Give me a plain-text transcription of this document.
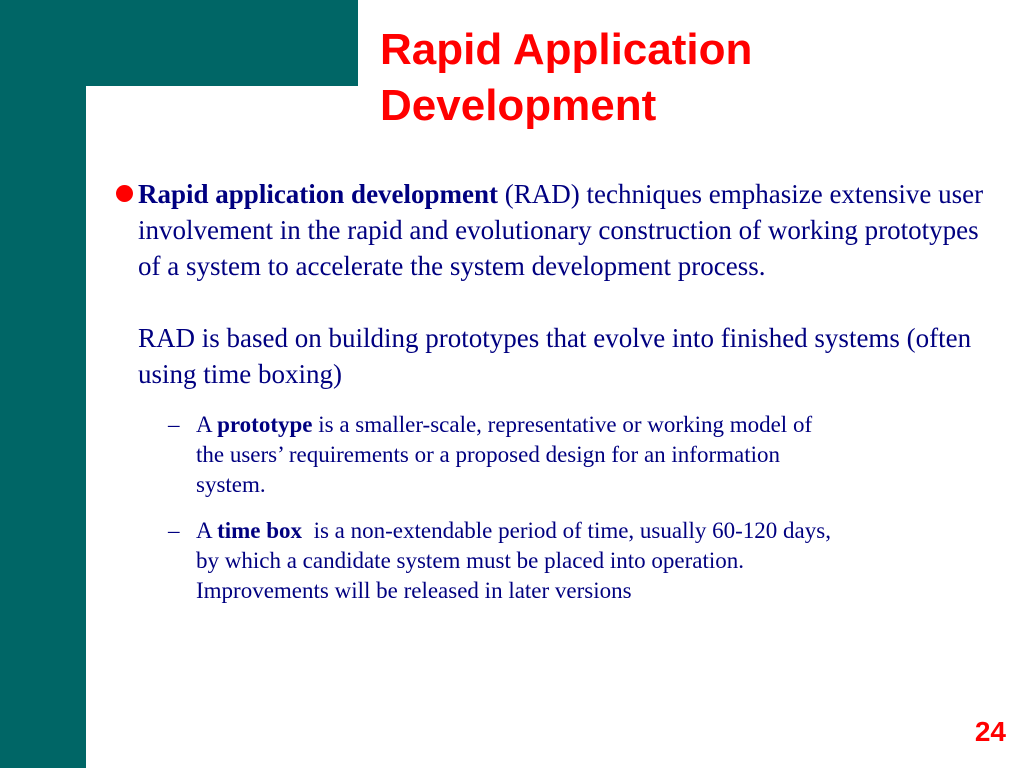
Rapid Application
Development
Rapid application development (RAD) techniques emphasize extensive user involvement in the rapid and evolutionary construction of working prototypes of a system to accelerate the system development process.
RAD is based on building prototypes that evolve into finished systems (often using time boxing)
– A prototype is a smaller-scale, representative or working model of
the users’ requirements or a proposed design for an information
system.
– A time box  is a non-extendable period of time, usually 60-120 days,
by which a candidate system must be placed into operation.
Improvements will be released in later versions
24
